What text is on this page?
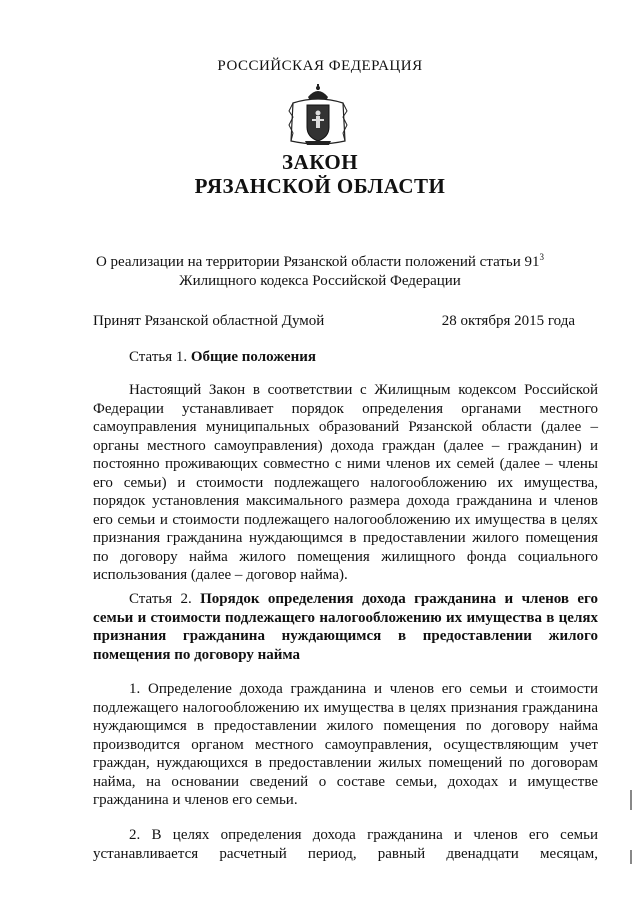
РОССИЙСКАЯ ФЕДЕРАЦИЯ
ЗАКОН
РЯЗАНСКОЙ ОБЛАСТИ
О реализации на территории Рязанской области положений статьи $91^3$
Жилищного кодекса Российской Федерации
Принят Рязанской областной Думой	28 октября 2015 года

Статья 1. Общие положения

Настоящий Закон в соответствии с Жилищным кодексом Российской Федерации устанавливает порядок определения органами местного самоуправления муниципальных образований Рязанской области (далее – органы местного самоуправления) дохода граждан (далее – гражданин) и постоянно проживающих совместно с ними членов их семей (далее – члены его семьи) и стоимости подлежащего налогообложению их имущества, порядок установления максимального размера дохода гражданина и членов его семьи и стоимости подлежащего налогообложению их имущества в целях признания гражданина нуждающимся в предоставлении жилого помещения по договору найма жилого помещения жилищного фонда социального использования (далее – договор найма).

Статья 2. Порядок определения дохода гражданина и членов его семьи и стоимости подлежащего налогообложению их имущества в целях признания гражданина нуждающимся в предоставлении жилого помещения по договору найма

1. Определение дохода гражданина и членов его семьи и стоимости подлежащего налогообложению их имущества в целях признания гражданина нуждающимся в предоставлении жилого помещения по договору найма производится органом местного самоуправления, осуществляющим учет граждан, нуждающихся в предоставлении жилых помещений по договорам найма, на основании сведений о составе семьи, доходах и имуществе гражданина и членов его семьи.

2. В целях определения дохода гражданина и членов его семьи устанавливается расчетный период, равный двенадцати месяцам,
